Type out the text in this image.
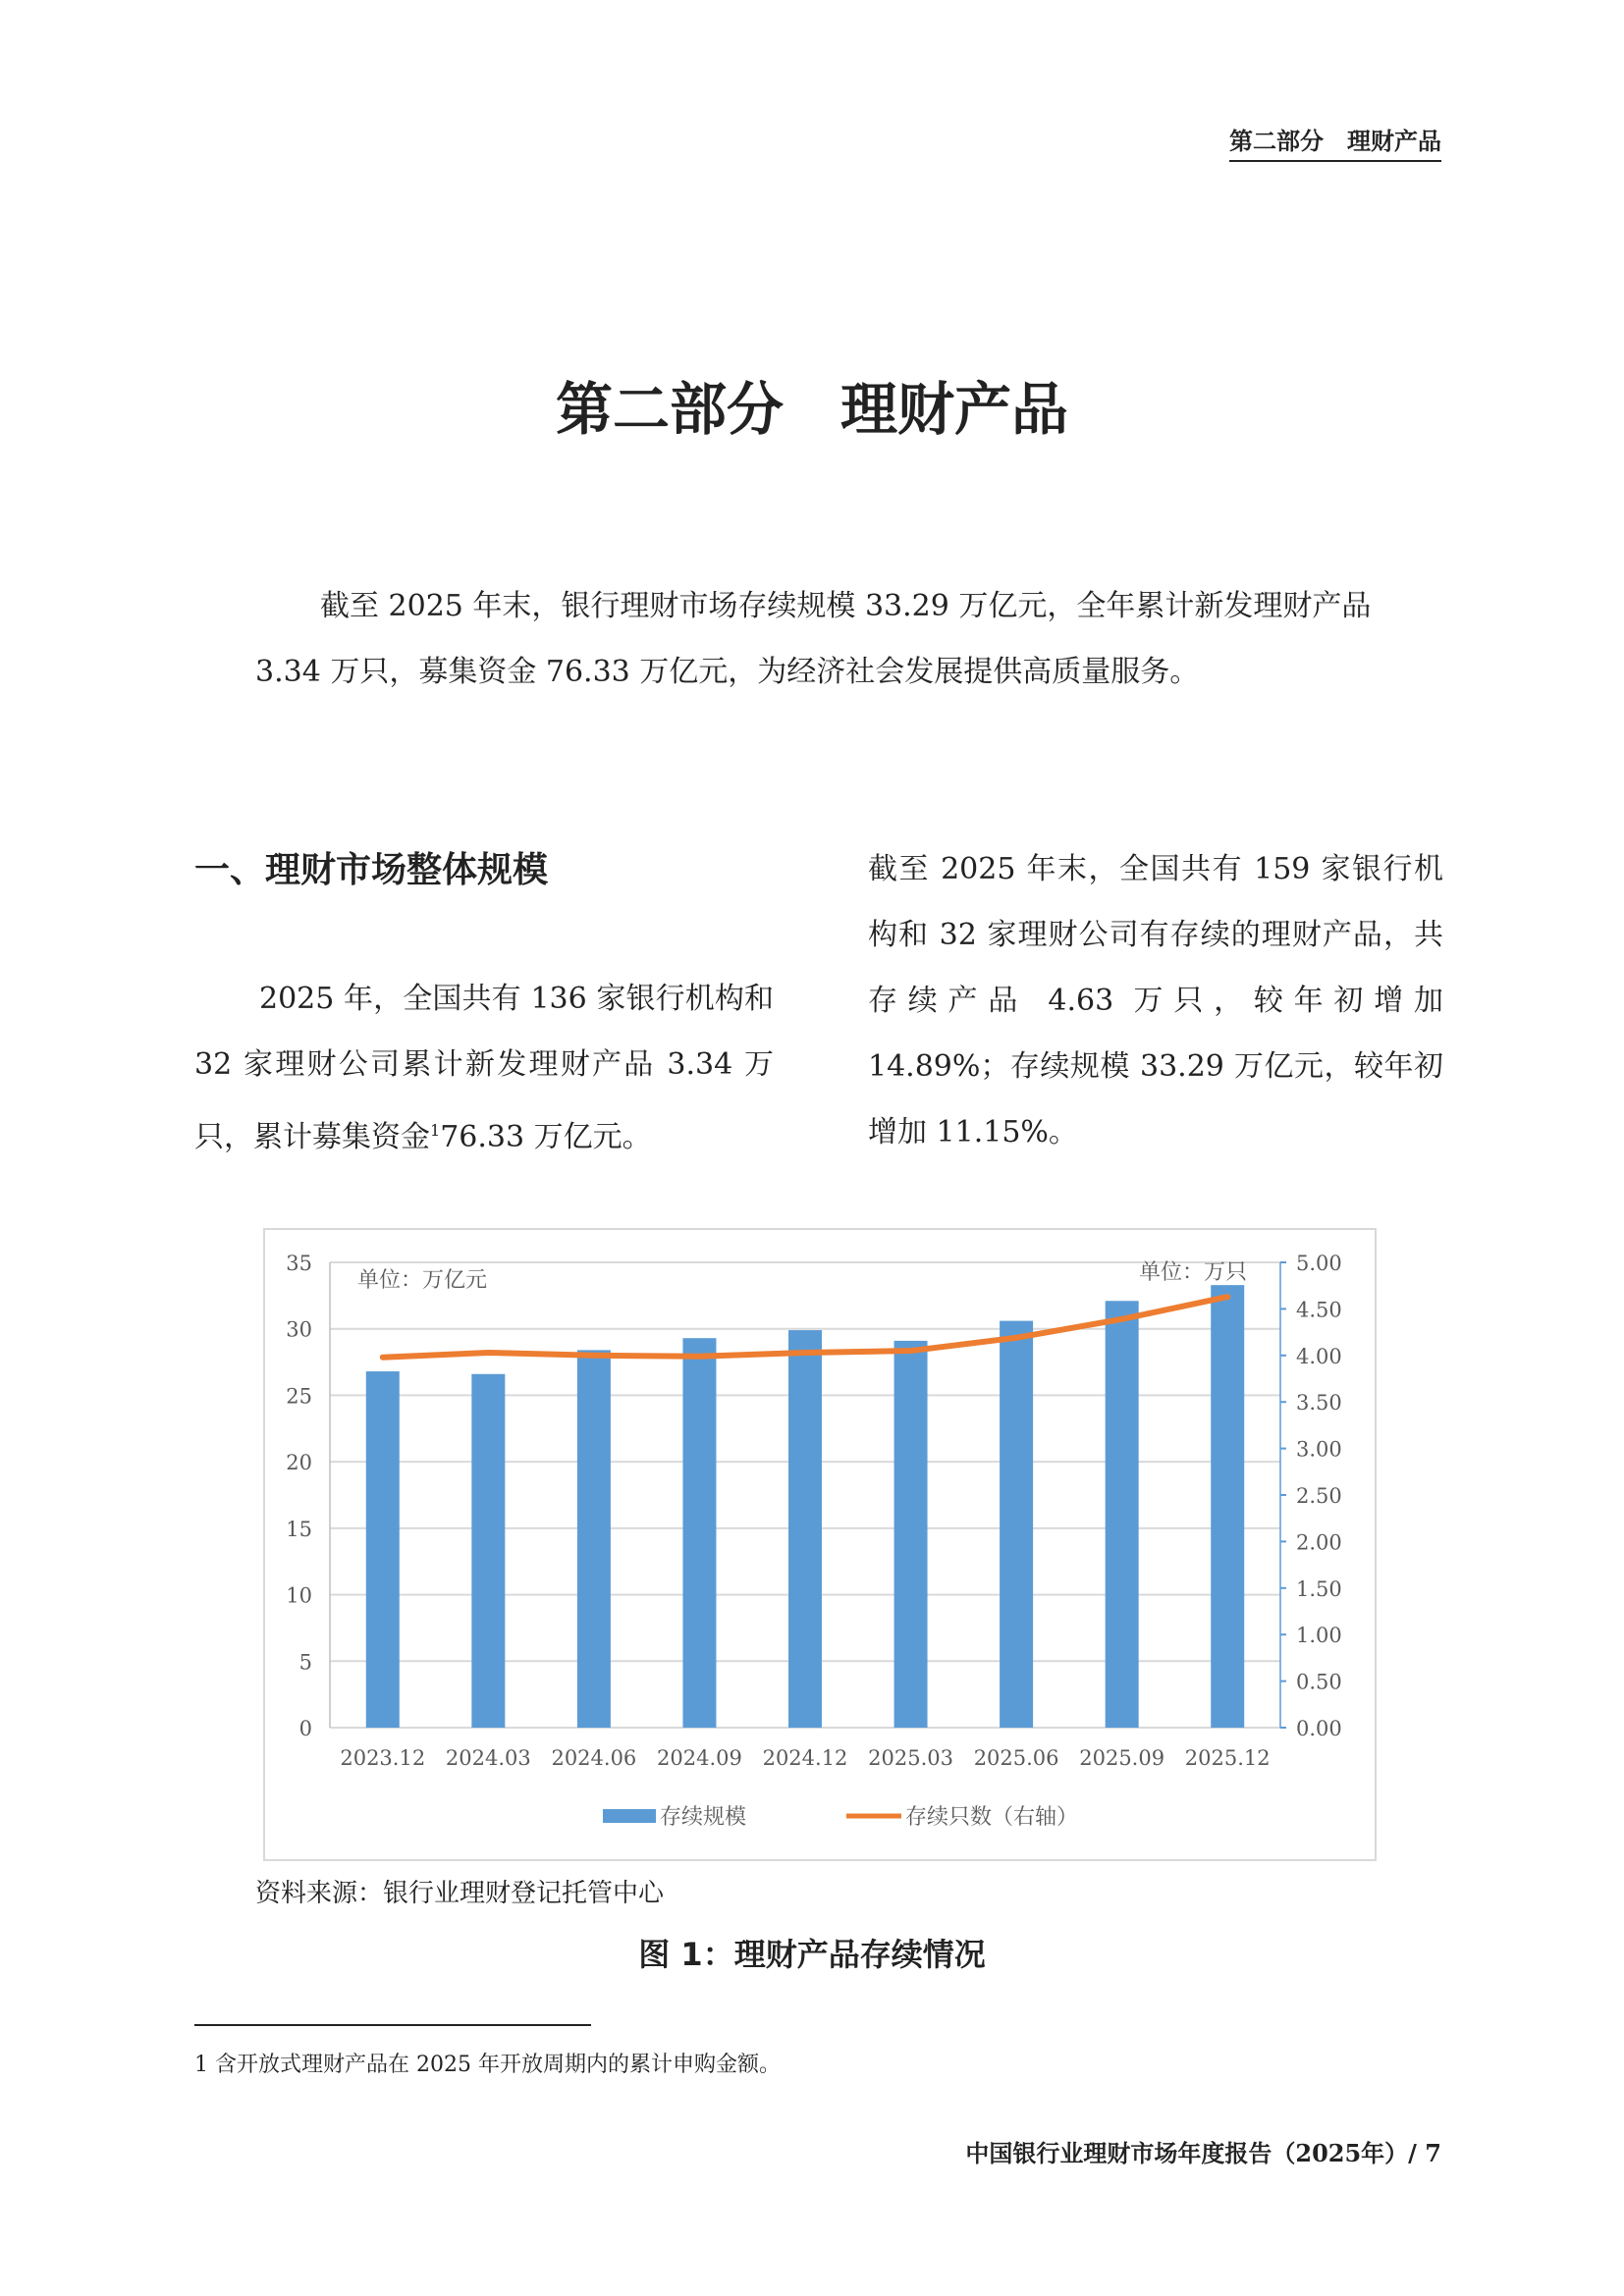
第二部分　理财产品
第二部分　理财产品
截至 2025 年末，银行理财市场存续规模 33.29 万亿元，全年累计新发理财产品 3.34 万只，募集资金 76.33 万亿元，为经济社会发展提供高质量服务。
一、理财市场整体规模
2025 年，全国共有 136 家银行机构和 32 家理财公司累计新发理财产品 3.34 万只，累计募集资金$^1$76.33 万亿元。
截至 2025 年末，全国共有 159 家银行机构和 32 家理财公司有存续的理财产品，共存续产品 4.63 万只，较年初增加 14.89%；存续规模 33.29 万亿元，较年初增加 11.15%。
0
5
10
15
20
25
30
35
0.00
0.50
1.00
1.50
2.00
2.50
3.00
3.50
4.00
4.50
5.00
2023.12 2024.03 2024.06 2024.09 2024.12 2025.03 2025.06 2025.09 2025.12
单位：万亿元	单位：万只
存续规模	存续只数（右轴）
资料来源：银行业理财登记托管中心
图 1：理财产品存续情况
1 含开放式理财产品在 2025 年开放周期内的累计申购金额。
中国银行业理财市场年度报告（2025年）/ 7
